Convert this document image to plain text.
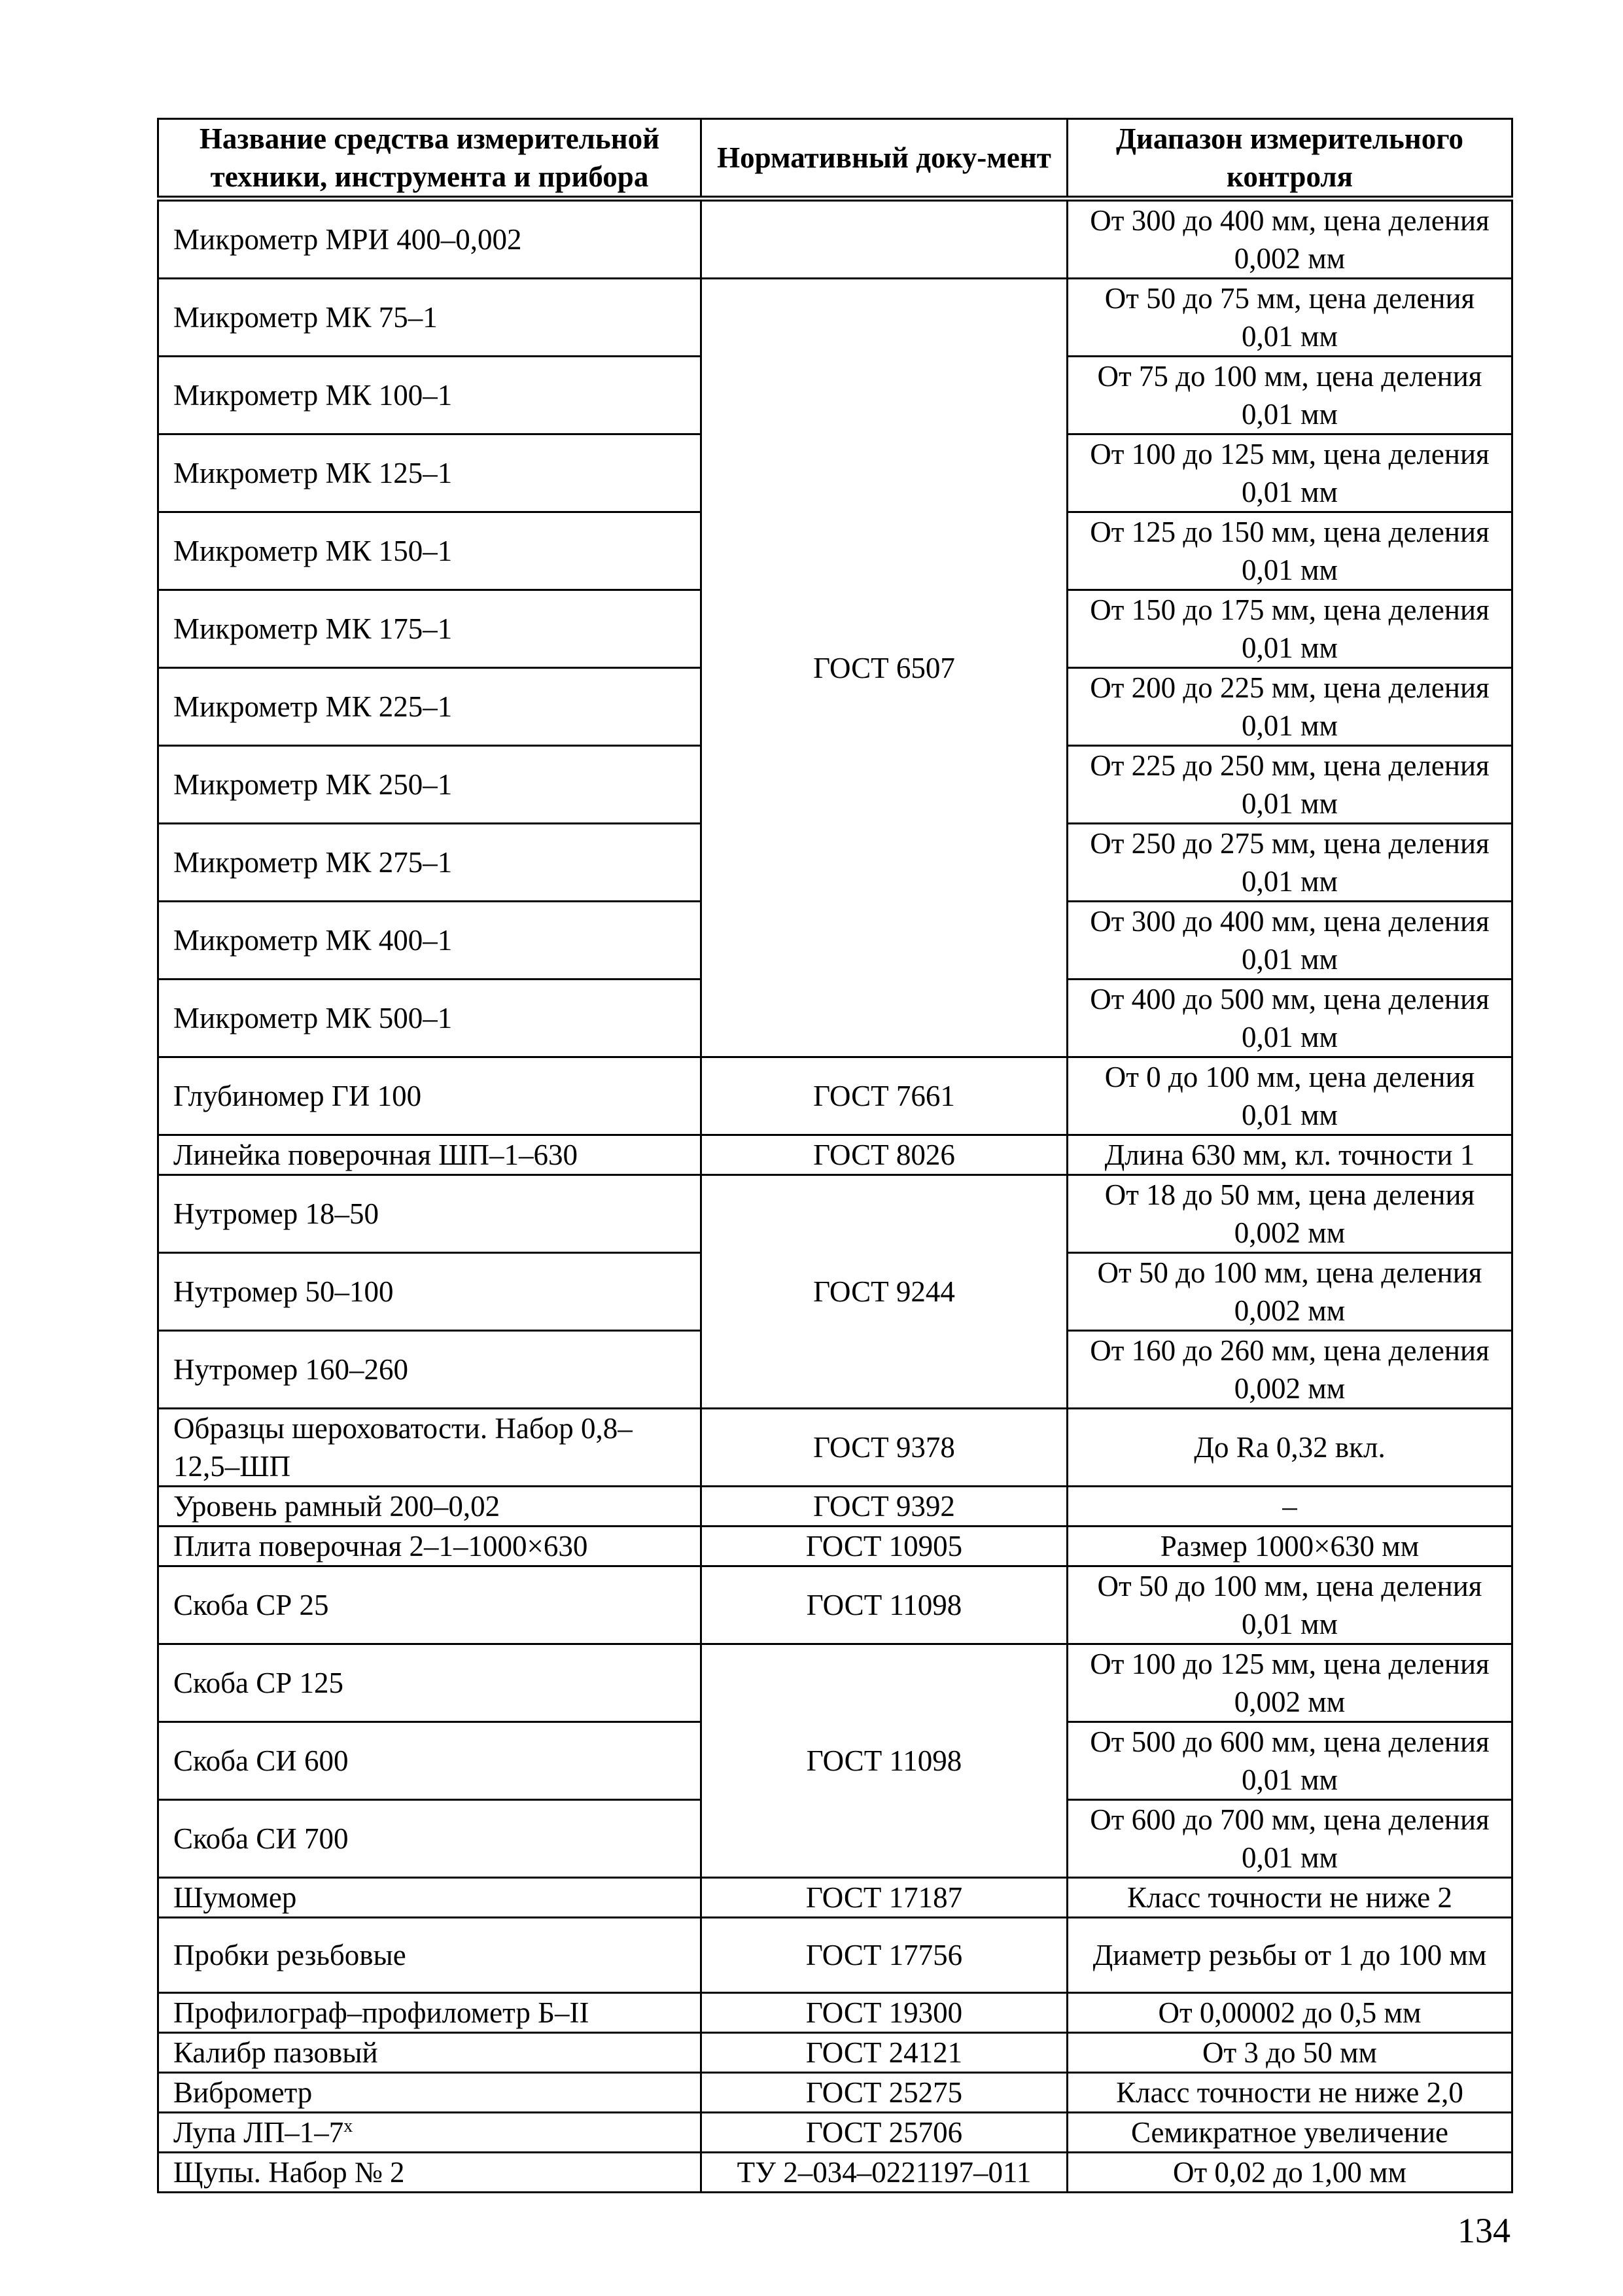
Название средства измерительной техники, инструмента и прибора	Нормативный доку-мент	Диапазон измерительного контроля
Микрометр МРИ 400–0,002		От 300 до 400 мм, цена деления 0,002 мм
Микрометр МК 75–1	ГОСТ 6507	От 50 до 75 мм, цена деления 0,01 мм
Микрометр МК 100–1		От 75 до 100 мм, цена деления 0,01 мм
Микрометр МК 125–1		От 100 до 125 мм, цена деления 0,01 мм
Микрометр МК 150–1		От 125 до 150 мм, цена деления 0,01 мм
Микрометр МК 175–1		От 150 до 175 мм, цена деления 0,01 мм
Микрометр МК 225–1		От 200 до 225 мм, цена деления 0,01 мм
Микрометр МК 250–1		От 225 до 250 мм, цена деления 0,01 мм
Микрометр МК 275–1		От 250 до 275 мм, цена деления 0,01 мм
Микрометр МК 400–1		От 300 до 400 мм, цена деления 0,01 мм
Микрометр МК 500–1		От 400 до 500 мм, цена деления 0,01 мм
Глубиномер ГИ 100	ГОСТ 7661	От 0 до 100 мм, цена деления 0,01 мм
Линейка поверочная ШП–1–630	ГОСТ 8026	Длина 630 мм, кл. точности 1
Нутромер 18–50	ГОСТ 9244	От 18 до 50 мм, цена деления 0,002 мм
Нутромер 50–100		От 50 до 100 мм, цена деления 0,002 мм
Нутромер 160–260		От 160 до 260 мм, цена деления 0,002 мм
Образцы шероховатости. Набор 0,8–12,5–ШП	ГОСТ 9378	До Ra 0,32 вкл.
Уровень рамный 200–0,02	ГОСТ 9392	–
Плита поверочная 2–1–1000×630	ГОСТ 10905	Размер 1000×630 мм
Скоба СР 25	ГОСТ 11098	От 50 до 100 мм, цена деления 0,01 мм
Скоба СР 125	ГОСТ 11098	От 100 до 125 мм, цена деления 0,002 мм
Скоба СИ 600		От 500 до 600 мм, цена деления 0,01 мм
Скоба СИ 700		От 600 до 700 мм, цена деления 0,01 мм
Шумомер	ГОСТ 17187	Класс точности не ниже 2
Пробки резьбовые	ГОСТ 17756	Диаметр резьбы от 1 до 100 мм
Профилограф–профилометр Б–II	ГОСТ 19300	От 0,00002 до 0,5 мм
Калибр пазовый	ГОСТ 24121	От 3 до 50 мм
Виброметр	ГОСТ 25275	Класс точности не ниже 2,0
Лупа ЛП–1–7$^x$	ГОСТ 25706	Семикратное увеличение
Щупы. Набор № 2	ТУ 2–034–0221197–011	От 0,02 до 1,00 мм
134
